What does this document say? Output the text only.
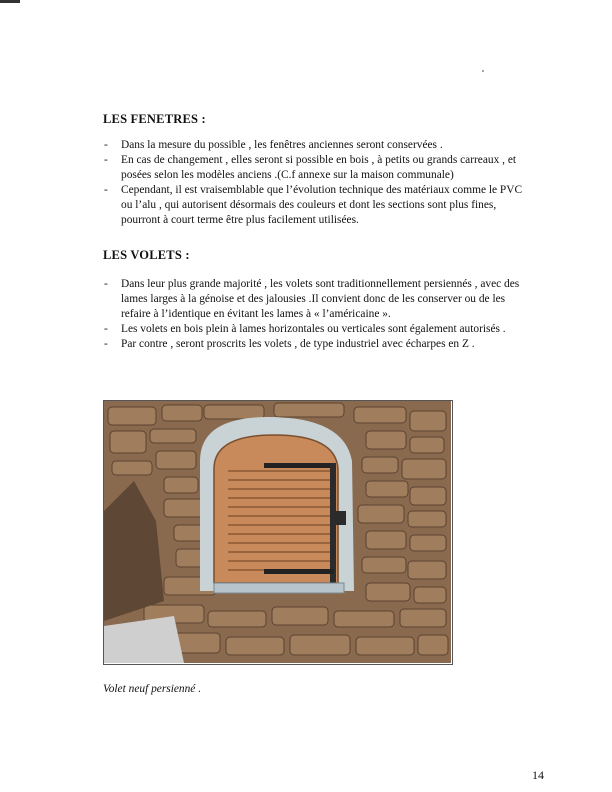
LES FENETRES :
- Dans la mesure du possible , les fenêtres anciennes seront conservées .
- En cas de changement , elles seront si possible en bois , à petits ou grands carreaux , et posées selon les modèles anciens .(C.f annexe sur la maison communale)
- Cependant, il est vraisemblable que l’évolution technique des matériaux comme le PVC ou l’alu , qui autorisent désormais des couleurs et dont les sections sont plus fines, pourront à court terme être plus facilement utilisées.
LES VOLETS :
- Dans leur plus grande majorité , les volets sont traditionnellement persiennés , avec des lames larges à la génoise et des jalousies .Il convient donc de les conserver ou de les refaire à l’identique en évitant les lames à « l’américaine ».
- Les volets en bois plein à lames horizontales ou verticales sont également autorisés .
- Par contre , seront proscrits les volets , de type industriel avec écharpes en Z .

Volet neuf persienné .

14
